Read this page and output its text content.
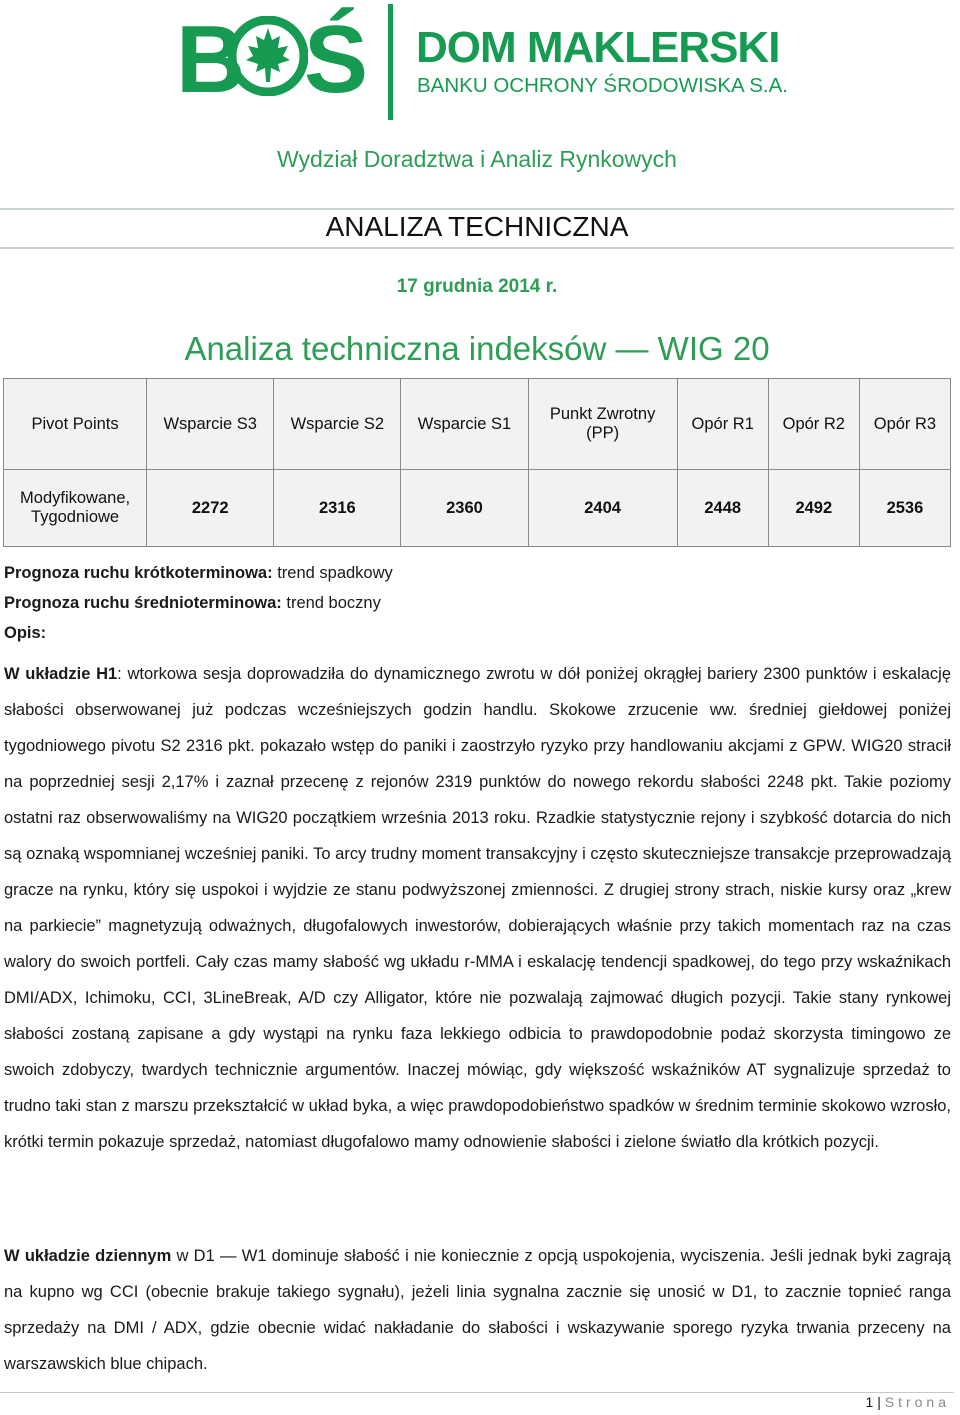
B Ś DOM MAKLERSKI
BANKU OCHRONY ŚRODOWISKA S.A.
Wydział Doradztwa i Analiz Rynkowych
ANALIZA TECHNICZNA
17 grudnia 2014 r.
Analiza techniczna indeksów — WIG 20
Pivot Points	Wsparcie S3	Wsparcie S2	Wsparcie S1	Punkt Zwrotny (PP)	Opór R1	Opór R2	Opór R3
Modyfikowane, Tygodniowe	2272	2316	2360	2404	2448	2492	2536
Prognoza ruchu krótkoterminowa: trend spadkowy
Prognoza ruchu średnioterminowa: trend boczny
Opis:
W układzie H1: wtorkowa sesja doprowadziła do dynamicznego zwrotu w dół poniżej okrągłej bariery 2300 punktów i eskalację słabości obserwowanej już podczas wcześniejszych godzin handlu. Skokowe zrzucenie ww. średniej giełdowej poniżej tygodniowego pivotu S2 2316 pkt. pokazało wstęp do paniki i zaostrzyło ryzyko przy handlowaniu akcjami z GPW. WIG20 stracił na poprzedniej sesji 2,17% i zaznał przecenę z rejonów 2319 punktów do nowego rekordu słabości 2248 pkt. Takie poziomy ostatni raz obserwowaliśmy na WIG20 początkiem września 2013 roku. Rzadkie statystycznie rejony i szybkość dotarcia do nich są oznaką wspomnianej wcześniej paniki. To arcy trudny moment transakcyjny i często skuteczniejsze transakcje przeprowadzają gracze na rynku, który się uspokoi i wyjdzie ze stanu podwyższonej zmienności. Z drugiej strony strach, niskie kursy oraz „krew na parkiecie” magnetyzują odważnych, długofalowych inwestorów, dobierających właśnie przy takich momentach raz na czas walory do swoich portfeli. Cały czas mamy słabość wg układu r-MMA i eskalację tendencji spadkowej, do tego przy wskaźnikach DMI/ADX, Ichimoku, CCI, 3LineBreak, A/D czy Alligator, które nie pozwalają zajmować długich pozycji. Takie stany rynkowej słabości zostaną zapisane a gdy wystąpi na rynku faza lekkiego odbicia to prawdopodobnie podaż skorzysta timingowo ze swoich zdobyczy, twardych technicznie argumentów. Inaczej mówiąc, gdy większość wskaźników AT sygnalizuje sprzedaż to trudno taki stan z marszu przekształcić w układ byka, a więc prawdopodobieństwo spadków w średnim terminie skokowo wzrosło, krótki termin pokazuje sprzedaż, natomiast długofalowo mamy odnowienie słabości i zielone światło dla krótkich pozycji.
W układzie dziennym w D1 — W1 dominuje słabość i nie koniecznie z opcją uspokojenia, wyciszenia. Jeśli jednak byki zagrają na kupno wg CCI (obecnie brakuje takiego sygnału), jeżeli linia sygnalna zacznie się unosić w D1, to zacznie topnieć ranga sprzedaży na DMI / ADX, gdzie obecnie widać nakładanie do słabości i wskazywanie sporego ryzyka trwania przeceny na warszawskich blue chipach.
1 | Strona
